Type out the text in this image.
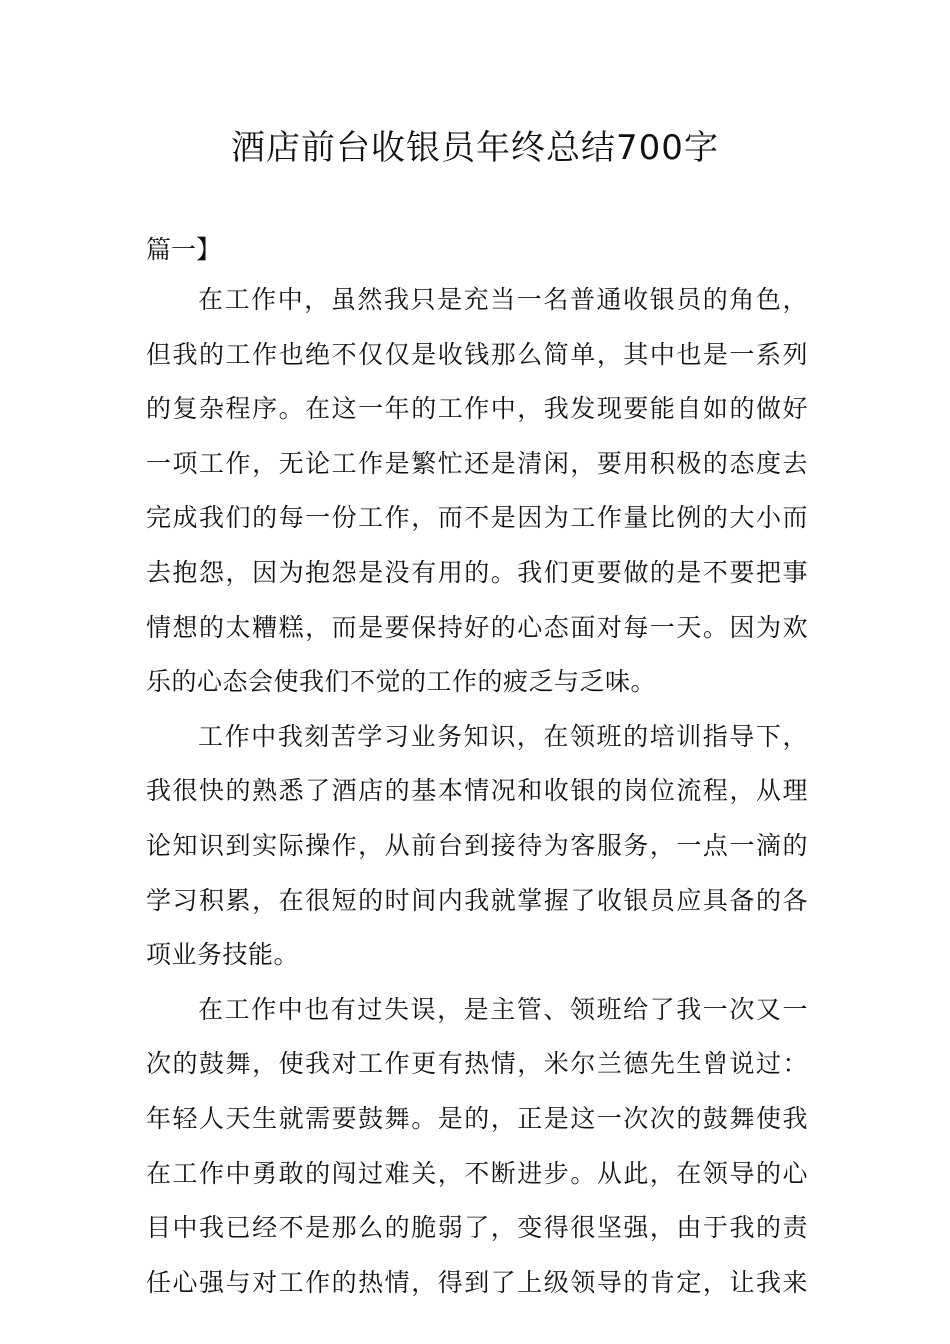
酒店前台收银员年终总结700字
篇一】

在工作中，虽然我只是充当一名普通收银员的角色，
但我的工作也绝不仅仅是收钱那么简单，其中也是一系列
的复杂程序。在这一年的工作中，我发现要能自如的做好
一项工作，无论工作是繁忙还是清闲，要用积极的态度去
完成我们的每一份工作，而不是因为工作量比例的大小而
去抱怨，因为抱怨是没有用的。我们更要做的是不要把事
情想的太糟糕，而是要保持好的心态面对每一天。因为欢
乐的心态会使我们不觉的工作的疲乏与乏味。

工作中我刻苦学习业务知识，在领班的培训指导下，
我很快的熟悉了酒店的基本情况和收银的岗位流程，从理
论知识到实际操作，从前台到接待为客服务，一点一滴的
学习积累，在很短的时间内我就掌握了收银员应具备的各
项业务技能。

在工作中也有过失误，是主管、领班给了我一次又一
次的鼓舞，使我对工作更有热情，米尔兰德先生曾说过：
年轻人天生就需要鼓舞。是的，正是这一次次的鼓舞使我
在工作中勇敢的闯过难关，不断进步。从此，在领导的心
目中我已经不是那么的脆弱了，变得很坚强，由于我的责
任心强与对工作的热情，得到了上级领导的肯定，让我来
